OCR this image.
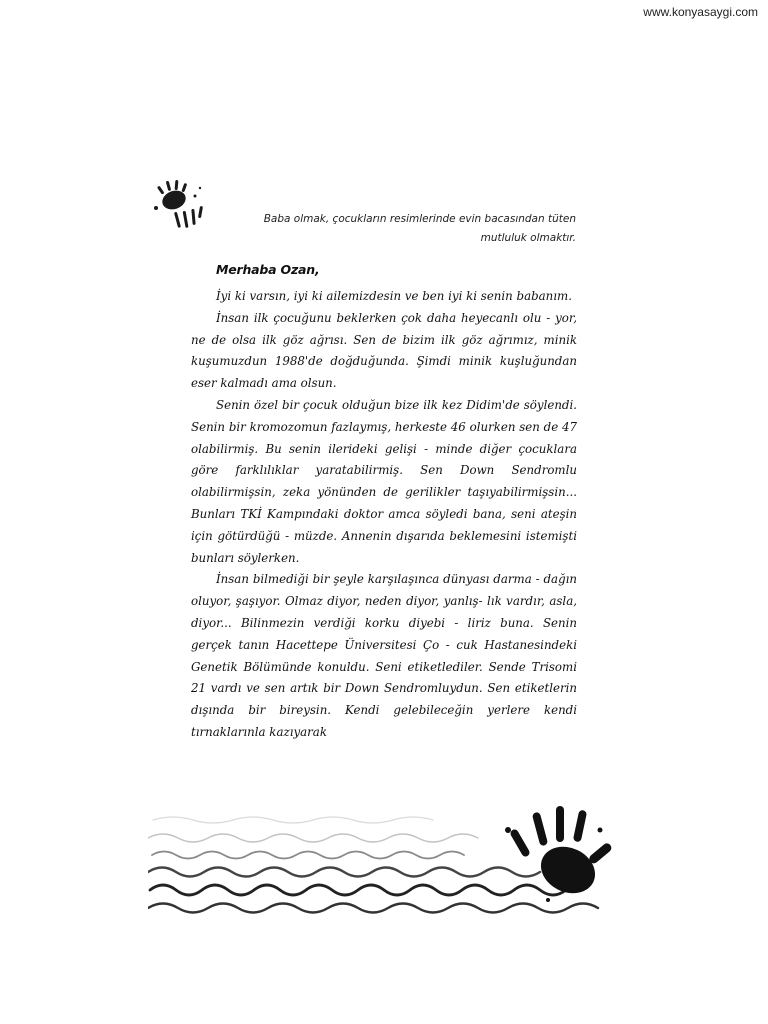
www.konyasaygi.com
Baba olmak, çocukların resimlerinde evin bacasından tüten
mutluluk olmaktır.
Merhaba Ozan,

İyi ki varsın, iyi ki ailemizdesin ve ben iyi ki senin babanım.

İnsan ilk çocuğunu beklerken çok daha heyecanlı olu - yor, ne de olsa ilk göz ağrısı. Sen de bizim ilk göz ağrımız, minik kuşumuzdun 1988'de doğduğunda. Şimdi minik kuşluğundan eser kalmadı ama olsun.

Senin özel bir çocuk olduğun bize ilk kez Didim'de söylendi. Senin bir kromozomun fazlaymış, herkeste 46 olurken sen de 47 olabilirmiş. Bu senin ilerideki gelişi - minde diğer çocuklara göre farklılıklar yaratabilirmiş. Sen Down Sendromlu olabilirmişsin, zeka yönünden de gerilikler taşıyabilirmişsin... Bunları TKİ Kampındaki doktor amca söyledi bana, seni ateşin için götürdüğü - müzde. Annenin dışarıda beklemesini istemişti bunları söylerken.

İnsan bilmediği bir şeyle karşılaşınca dünyası darma - dağın oluyor, şaşıyor. Olmaz diyor, neden diyor, yanlış- lık vardır, asla, diyor... Bilinmezin verdiği korku diyebi - liriz buna. Senin gerçek tanın Hacettepe Üniversitesi Ço - cuk Hastanesindeki Genetik Bölümünde konuldu. Seni etiketlediler. Sende Trisomi 21 vardı ve sen artık bir Down Sendromluydun. Sen etiketlerin dışında bir bireysin. Kendi gelebileceğin yerlere kendi tırnaklarınla kazıyarak
